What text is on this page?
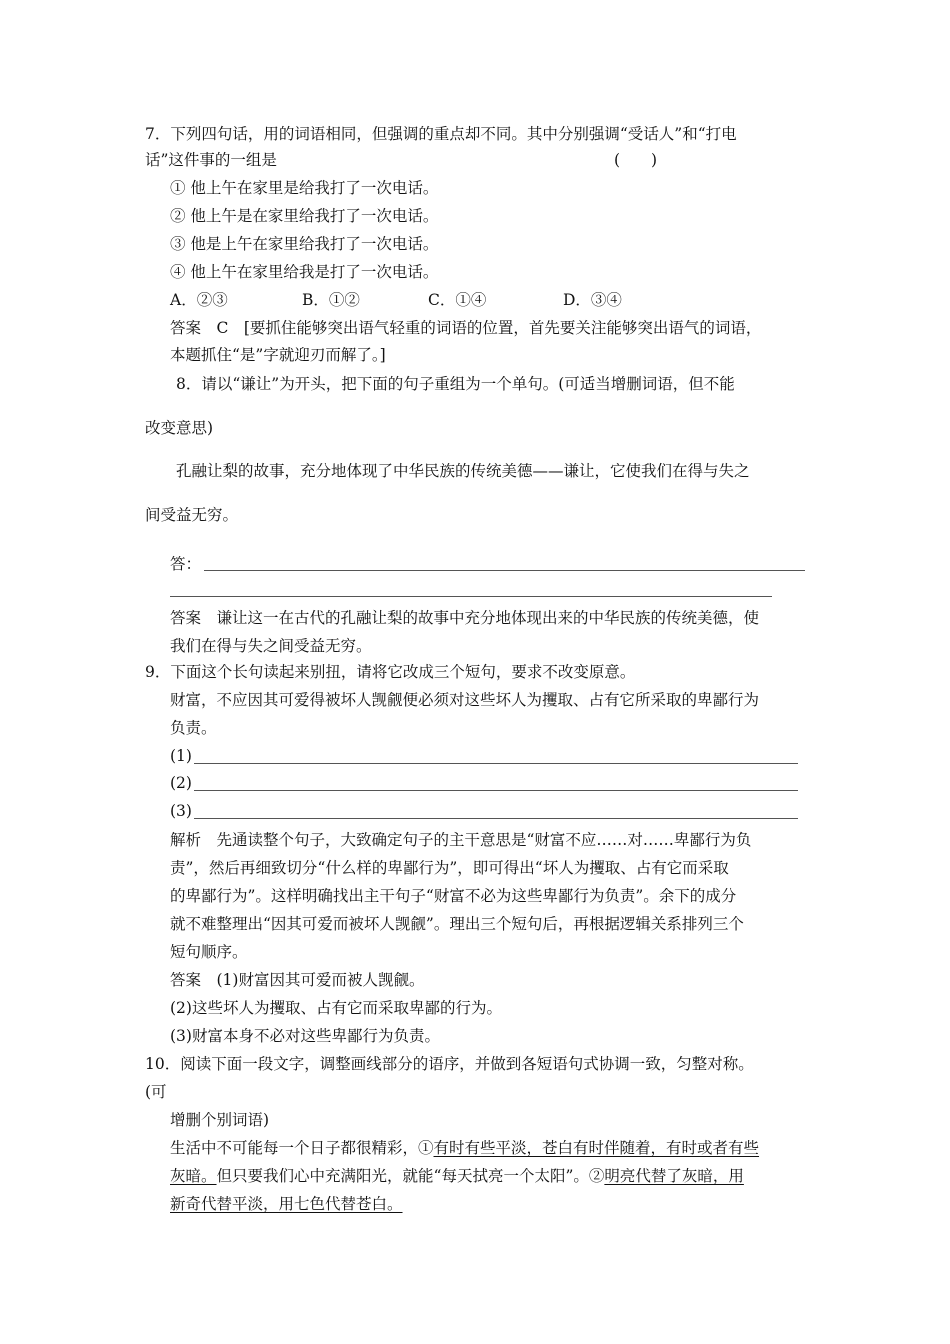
7．下列四句话，用的词语相同，但强调的重点却不同。其中分别强调“受话人”和“打电
话”这件事的一组是	(　　)
① 他上午在家里是给我打了一次电话。
② 他上午是在家里给我打了一次电话。
③ 他是上午在家里给我打了一次电话。
④ 他上午在家里给我是打了一次电话。
A．②③	B．①②	C．①④	D．③④
答案　C　[要抓住能够突出语气轻重的词语的位置，首先要关注能够突出语气的词语，
本题抓住“是”字就迎刃而解了。]
8．请以“谦让”为开头，把下面的句子重组为一个单句。(可适当增删词语，但不能
改变意思)
孔融让梨的故事，充分地体现了中华民族的传统美德——谦让，它使我们在得与失之
间受益无穷。
答：
答案　谦让这一在古代的孔融让梨的故事中充分地体现出来的中华民族的传统美德，使
我们在得与失之间受益无穷。
9．下面这个长句读起来别扭，请将它改成三个短句，要求不改变原意。
财富，不应因其可爱得被坏人觊觎便必须对这些坏人为攫取、占有它所采取的卑鄙行为
负责。
(1)
(2)
(3)
解析　先通读整个句子，大致确定句子的主干意思是“财富不应……对……卑鄙行为负
责”，然后再细致切分“什么样的卑鄙行为”，即可得出“坏人为攫取、占有它而采取
的卑鄙行为”。这样明确找出主干句子“财富不必为这些卑鄙行为负责”。余下的成分
就不难整理出“因其可爱而被坏人觊觎”。理出三个短句后，再根据逻辑关系排列三个
短句顺序。
答案　(1)财富因其可爱而被人觊觎。
(2)这些坏人为攫取、占有它而采取卑鄙的行为。
(3)财富本身不必对这些卑鄙行为负责。
10．阅读下面一段文字，调整画线部分的语序，并做到各短语句式协调一致，匀整对称。
(可
增删个别词语)
生活中不可能每一个日子都很精彩，①有时有些平淡，苍白有时伴随着，有时或者有些
灰暗。但只要我们心中充满阳光，就能“每天拭亮一个太阳”。②明亮代替了灰暗，用
新奇代替平淡，用七色代替苍白。
